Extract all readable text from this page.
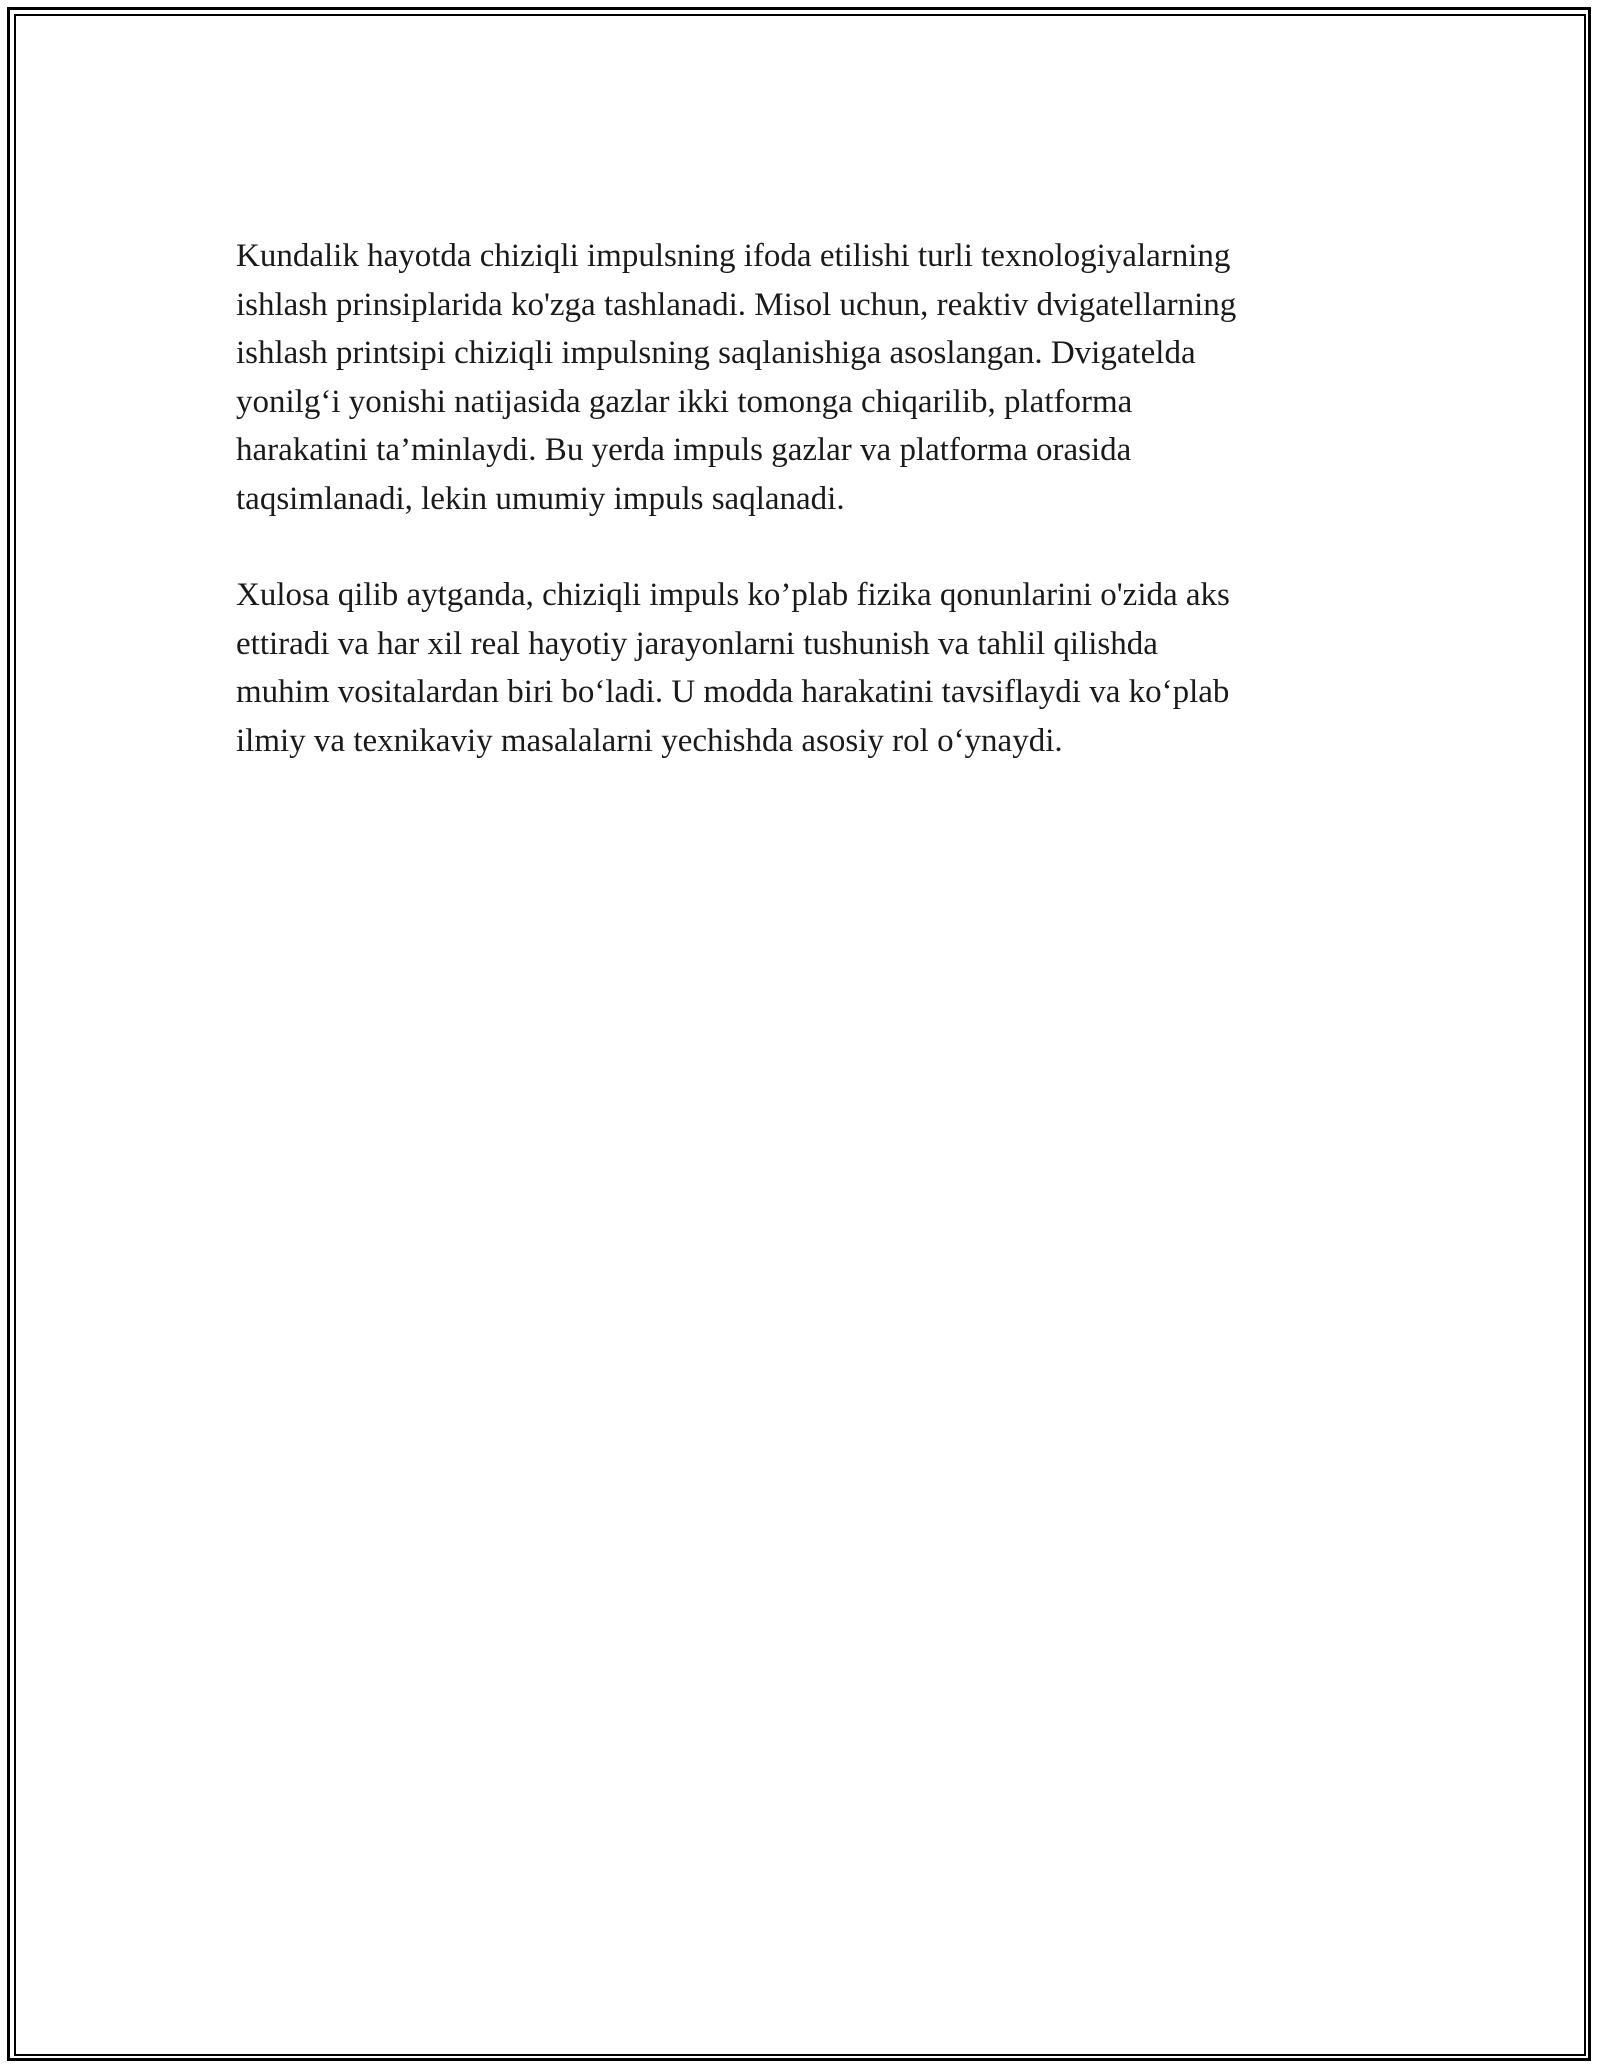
Kundalik hayotda chiziqli impulsning ifoda etilishi turli texnologiyalarning
ishlash prinsiplarida ko'zga tashlanadi. Misol uchun, reaktiv dvigatellarning
ishlash printsipi chiziqli impulsning saqlanishiga asoslangan. Dvigatelda
yonilg‘i yonishi natijasida gazlar ikki tomonga chiqarilib, platforma
harakatini ta’minlaydi. Bu yerda impuls gazlar va platforma orasida
taqsimlanadi, lekin umumiy impuls saqlanadi.

Xulosa qilib aytganda, chiziqli impuls ko’plab fizika qonunlarini o'zida aks
ettiradi va har xil real hayotiy jarayonlarni tushunish va tahlil qilishda
muhim vositalardan biri bo‘ladi. U modda harakatini tavsiflaydi va ko‘plab
ilmiy va texnikaviy masalalarni yechishda asosiy rol o‘ynaydi.
